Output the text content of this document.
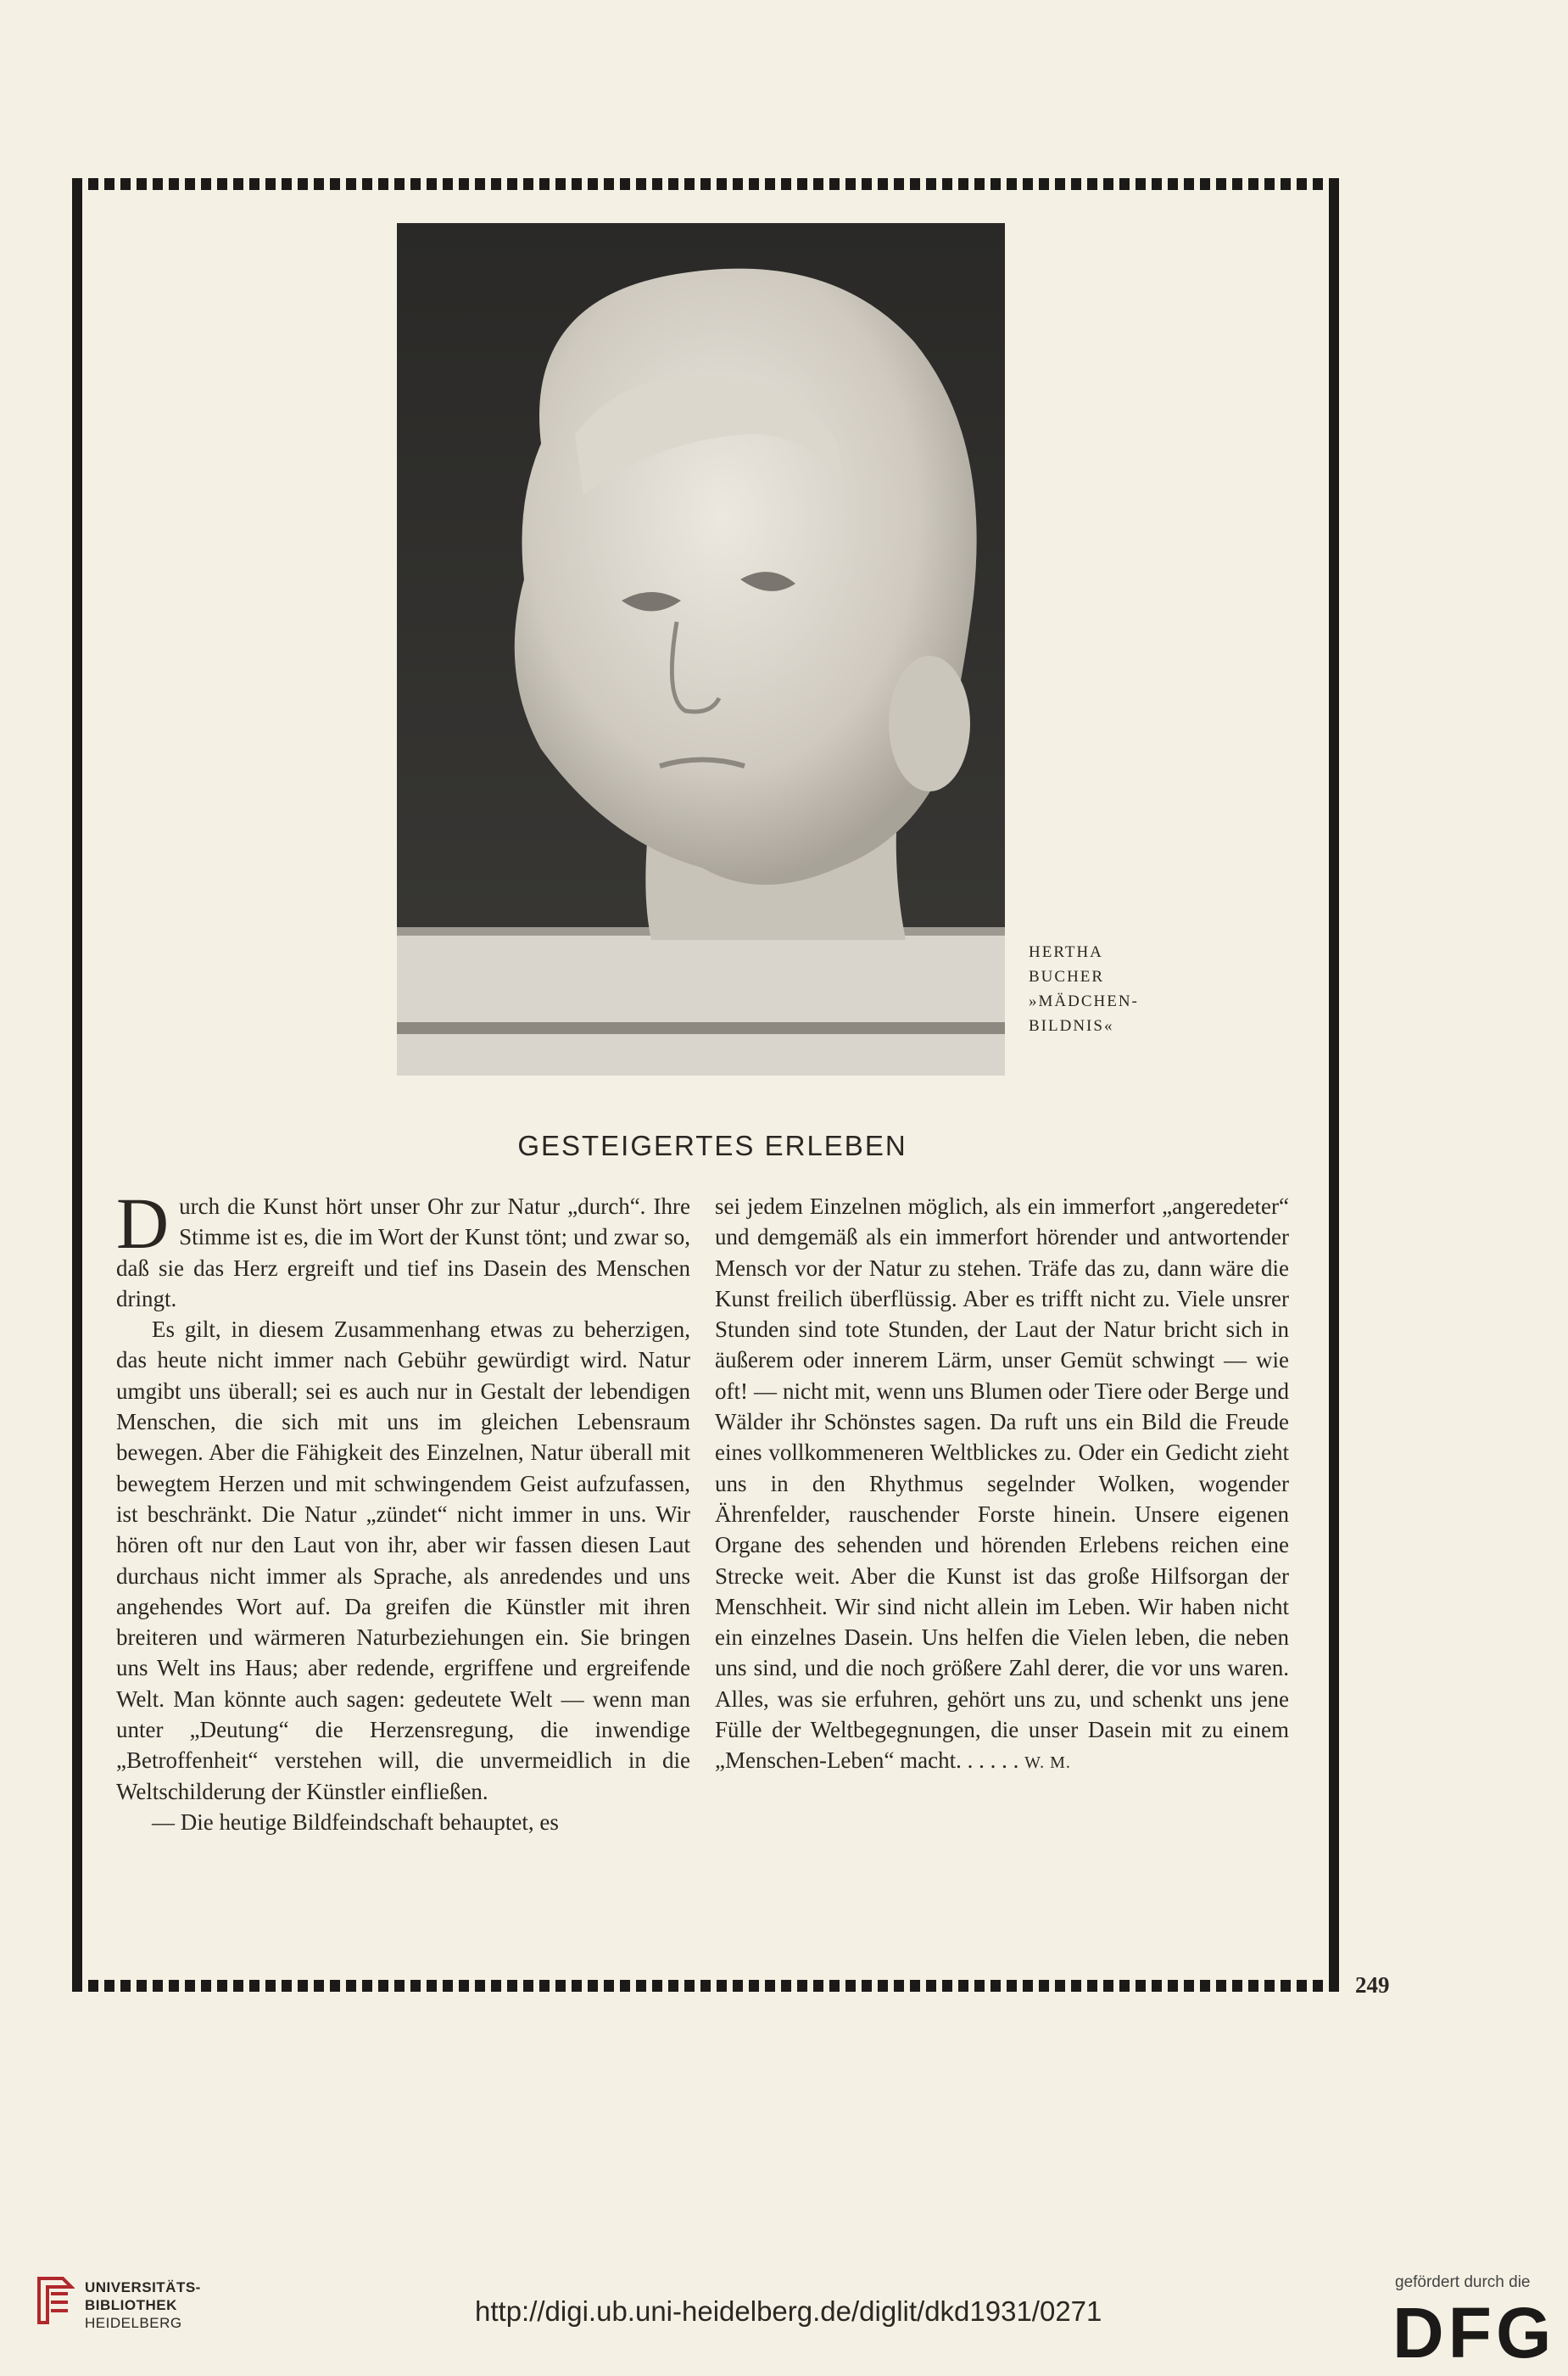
HERTHA
BUCHER
»MÄDCHEN-
BILDNIS«
GESTEIGERTES ERLEBEN

Durch die Kunst hört unser Ohr zur Natur „durch“. Ihre Stimme ist es, die im Wort der Kunst tönt; und zwar so, daß sie das Herz ergreift und tief ins Dasein des Menschen dringt.

Es gilt, in diesem Zusammenhang etwas zu beherzigen, das heute nicht immer nach Gebühr gewürdigt wird. Natur umgibt uns überall; sei es auch nur in Gestalt der lebendigen Menschen, die sich mit uns im gleichen Lebensraum bewegen. Aber die Fähigkeit des Einzelnen, Natur überall mit bewegtem Herzen und mit schwingendem Geist aufzufassen, ist beschränkt. Die Natur „zündet“ nicht immer in uns. Wir hören oft nur den Laut von ihr, aber wir fassen diesen Laut durchaus nicht immer als Sprache, als anredendes und uns angehendes Wort auf. Da greifen die Künstler mit ihren breiteren und wärmeren Naturbeziehungen ein. Sie bringen uns Welt ins Haus; aber redende, ergriffene und ergreifende Welt. Man könnte auch sagen: gedeutete Welt — wenn man unter „Deutung“ die Herzensregung, die inwendige „Betroffenheit“ verstehen will, die unvermeidlich in die Weltschilderung der Künstler einfließen.

— Die heutige Bildfeindschaft behauptet, es

sei jedem Einzelnen möglich, als ein immerfort „angeredeter“ und demgemäß als ein immerfort hörender und antwortender Mensch vor der Natur zu stehen. Träfe das zu, dann wäre die Kunst freilich überflüssig. Aber es trifft nicht zu. Viele unsrer Stunden sind tote Stunden, der Laut der Natur bricht sich in äußerem oder innerem Lärm, unser Gemüt schwingt — wie oft! — nicht mit, wenn uns Blumen oder Tiere oder Berge und Wälder ihr Schönstes sagen. Da ruft uns ein Bild die Freude eines vollkommeneren Weltblickes zu. Oder ein Gedicht zieht uns in den Rhythmus segelnder Wolken, wogender Ährenfelder, rauschender Forste hinein. Unsere eigenen Organe des sehenden und hörenden Erlebens reichen eine Strecke weit. Aber die Kunst ist das große Hilfsorgan der Menschheit. Wir sind nicht allein im Leben. Wir haben nicht ein einzelnes Dasein. Uns helfen die Vielen leben, die neben uns sind, und die noch größere Zahl derer, die vor uns waren. Alles, was sie erfuhren, gehört uns zu, und schenkt uns jene Fülle der Weltbegegnungen, die unser Dasein mit zu einem „Menschen-Leben“ macht. . . . . . W. M.

249
UNIVERSITÄTS-
BIBLIOTHEK
HEIDELBERG	http://digi.ub.uni-heidelberg.de/diglit/dkd1931/0271
gefördert durch die
DFG
